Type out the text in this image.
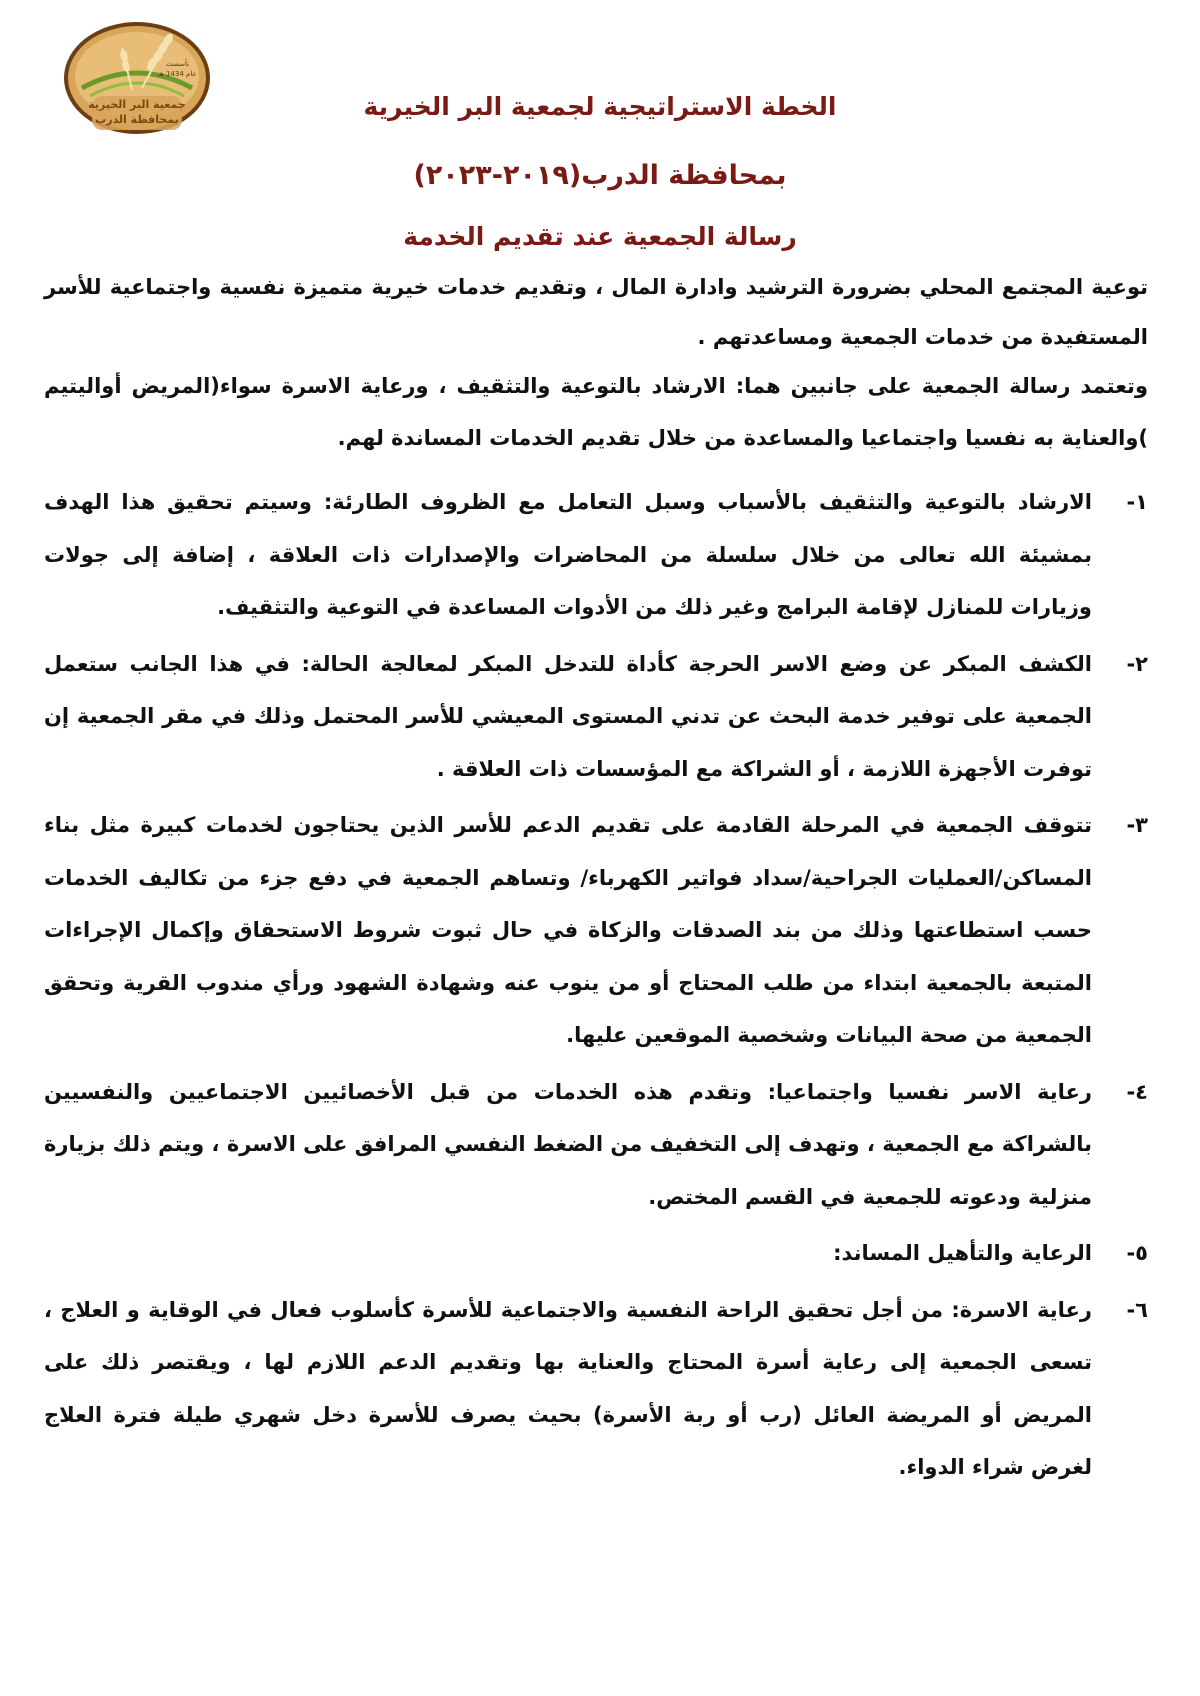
تأسست
عام 1434 هـ
جمعية البر الخيرية
بمحافظة الدرب	الخطة الاستراتيجية لجمعية البر الخيرية
بمحافظة الدرب(٢٠١٩-٢٠٢٣)
رسالة الجمعية عند تقديم الخدمة

توعية المجتمع المحلي بضرورة الترشيد وادارة المال ، وتقديم خدمات خيرية متميزة نفسية واجتماعية للأسر المستفيدة من خدمات الجمعية ومساعدتهم .

وتعتمد رسالة الجمعية على جانبين هما: الارشاد بالتوعية والتثقيف ، ورعاية الاسرة سواء(المريض أواليتيم )والعناية به نفسيا واجتماعيا والمساعدة من خلال تقديم الخدمات المساندة لهم.

١-
الارشاد بالتوعية والتثقيف بالأسباب وسبل التعامل مع الظروف الطارئة: وسيتم تحقيق هذا الهدف بمشيئة الله تعالى من خلال سلسلة من المحاضرات والإصدارات ذات العلاقة ، إضافة إلى جولات وزيارات للمنازل لإقامة البرامج وغير ذلك من الأدوات المساعدة في التوعية والتثقيف.
٢-
الكشف المبكر عن وضع الاسر الحرجة كأداة للتدخل المبكر لمعالجة الحالة: في هذا الجانب ستعمل الجمعية على توفير خدمة البحث عن تدني المستوى المعيشي للأسر المحتمل وذلك في مقر الجمعية إن توفرت الأجهزة اللازمة ، أو الشراكة مع المؤسسات ذات العلاقة .
٣-
تتوقف الجمعية في المرحلة القادمة على تقديم الدعم للأسر الذين يحتاجون لخدمات كبيرة مثل بناء المساكن/العمليات الجراحية/سداد فواتير الكهرباء/ وتساهم الجمعية في دفع جزء من تكاليف الخدمات حسب استطاعتها وذلك من بند الصدقات والزكاة في حال ثبوت شروط الاستحقاق وإكمال الإجراءات المتبعة بالجمعية ابتداء من طلب المحتاج أو من ينوب عنه وشهادة الشهود ورأي مندوب القرية وتحقق الجمعية من صحة البيانات وشخصية الموقعين عليها.
٤-
رعاية الاسر نفسيا واجتماعيا: وتقدم هذه الخدمات من قبل الأخصائيين الاجتماعيين والنفسيين بالشراكة مع الجمعية ، وتهدف إلى التخفيف من الضغط النفسي المرافق على الاسرة ، ويتم ذلك بزيارة منزلية ودعوته للجمعية في القسم المختص.
٥-
الرعاية والتأهيل المساند:
٦-
رعاية الاسرة: من أجل تحقيق الراحة النفسية والاجتماعية للأسرة كأسلوب فعال في الوقاية و العلاج ، تسعى الجمعية إلى رعاية أسرة المحتاج والعناية بها وتقديم الدعم اللازم لها ، ويقتصر ذلك على المريض أو المريضة العائل (رب أو ربة الأسرة) بحيث يصرف للأسرة دخل شهري طيلة فترة العلاج لغرض شراء الدواء.
